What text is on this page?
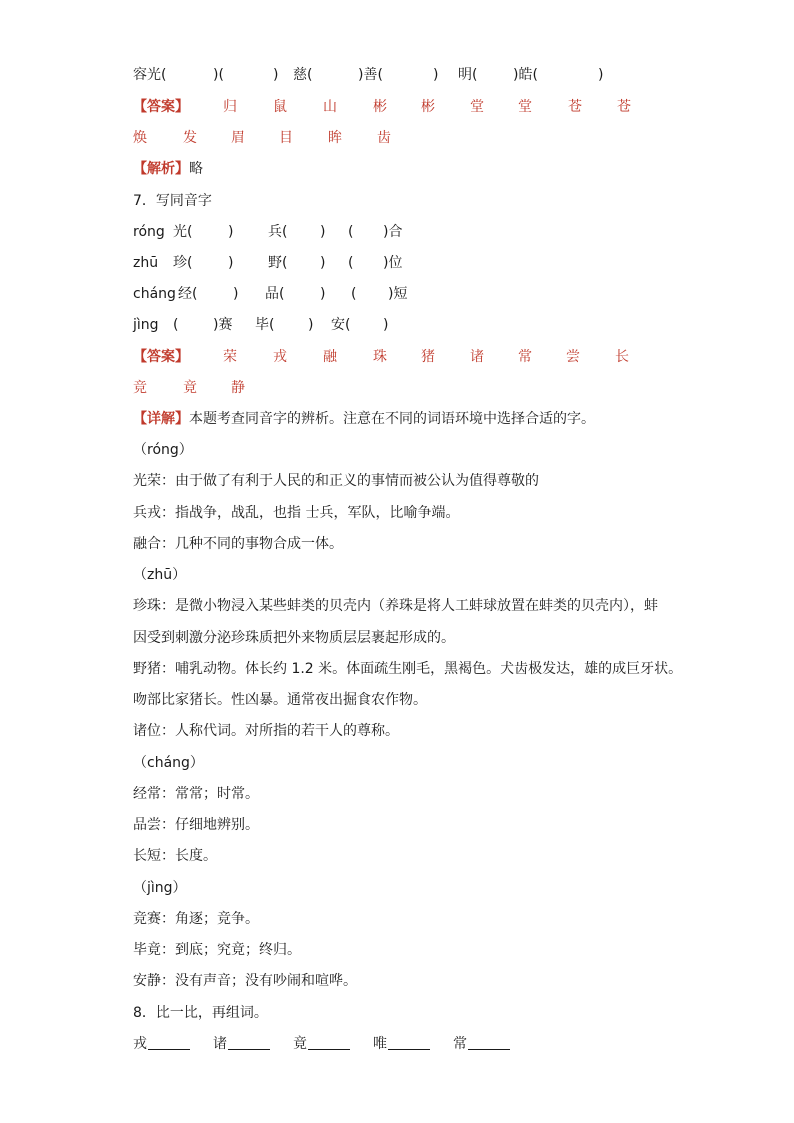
容光(	)(	) 慈(	)善(	) 明(	)皓(	)
【答案】 归	鼠	山	彬 彬	堂 堂	苍	苍
焕	发 眉 目	眸	齿
【解析】略
7．写同音字
róng 光(	) 兵( ) ( )合
zhū 珍(	) 野( ) ( )位
cháng 经(	) 品(	) ( )短
jìng ( )赛 毕( ) 安( )
【答案】 荣	戎	融	珠 猪	诸 常 尝	长
竞	竟 静
【详解】本题考查同音字的辨析。注意在不同的词语环境中选择合适的字。
（róng）
光荣：由于做了有利于人民的和正义的事情而被公认为值得尊敬的
兵戎：指战争，战乱，也指 士兵，军队，比喻争端。
融合：几种不同的事物合成一体。
（zhū）
珍珠：是微小物浸入某些蚌类的贝壳内（养珠是将人工蚌球放置在蚌类的贝壳内），蚌
因受到刺激分泌珍珠质把外来物质层层裹起形成的。
野猪：哺乳动物。体长约 1.2 米。体面疏生刚毛，黑褐色。犬齿极发达，雄的成巨牙状。
吻部比家猪长。性凶暴。通常夜出掘食农作物。
诸位：人称代词。对所指的若干人的尊称。
（cháng）
经常：常常；时常。
品尝：仔细地辨别。
长短：长度。
（jìng）
竞赛：角逐；竞争。
毕竟：到底；究竟；终归。
安静：没有声音；没有吵闹和喧哗。
8．比一比，再组词。
戎	诸	竟	唯	常
